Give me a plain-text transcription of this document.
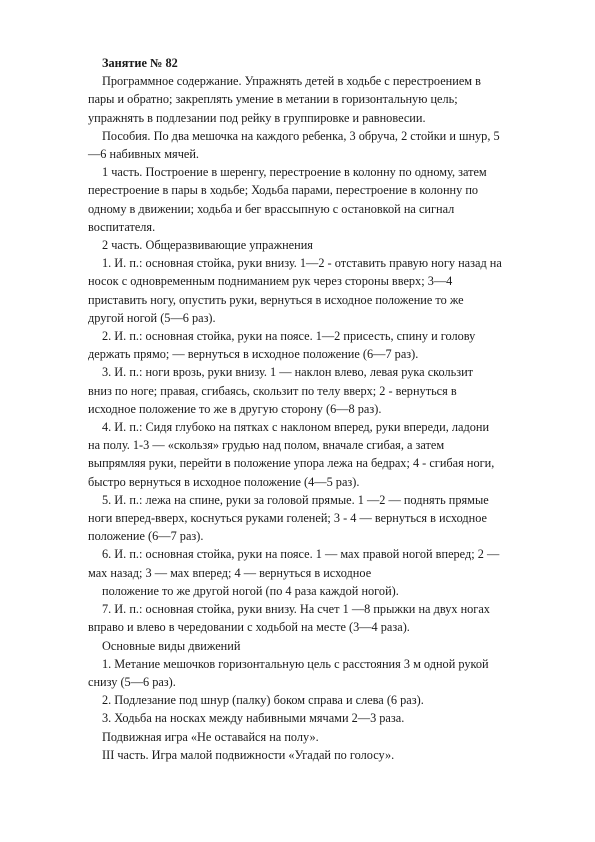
Занятие № 82

Программное содержание. Упражнять детей в ходьбе с перестроением в

пары и обратно; закреплять умение в метании в горизонтальную цель;

упражнять в подлезании под рейку в группировке и равновесии.

Пособия. По два мешочка на каждого ребенка, 3 обруча, 2 стойки и шнур, 5

—6 набивных мячей.

1 часть. Построение в шеренгу, перестроение в колонну по одному, затем

перестроение в пары в ходьбе; Ходьба парами, перестроение в колонну по

одному в движении; ходьба и бег врассыпную с остановкой на сигнал

воспитателя.

2 часть. Общеразвивающие упражнения

1. И. п.: основная стойка, руки внизу. 1—2 - отставить правую ногу назад на

носок с одновременным подниманием рук через стороны вверх; 3—4

приставить ногу, опустить руки, вернуться в исходное положение то же

другой ногой (5—6 раз).

2. И. п.: основная стойка, руки на поясе. 1—2 присесть, спину и голову

держать прямо; — вернуться в исходное положение (6—7 раз).

3. И. п.: ноги врозь, руки внизу. 1 — наклон влево, левая рука скользит

вниз по ноге; правая, сгибаясь, скользит по телу вверх; 2 - вернуться в

исходное положение то же в другую сторону (6—8 раз).

4. И. п.: Сидя глубоко на пятках с наклоном вперед, руки впереди, ладони

на полу. 1-3 — «скользя» грудью над полом, вначале сгибая, а затем

выпрямляя руки, перейти в положение упора лежа на бедрах; 4 - сгибая ноги,

быстро вернуться в исходное положение (4—5 раз).

5. И. п.: лежа на спине, руки за головой прямые. 1 —2 — поднять прямые

ноги вперед-вверх, коснуться руками голеней; 3 - 4 — вернуться в исходное

положение (6—7 раз).

6. И. п.: основная стойка, руки на поясе. 1 — мах правой ногой вперед; 2 —

мах назад; 3 — мах вперед; 4 — вернуться в исходное

положение то же другой ногой (по 4 раза каждой ногой).

7. И. п.: основная стойка, руки внизу. На счет 1 —8 прыжки на двух ногах

вправо и влево в чередовании с ходьбой на месте (3—4 раза).

Основные виды движений

1. Метание мешочков горизонтальную цель с расстояния 3 м одной рукой

снизу (5—6 раз).

2. Подлезание под шнур (палку) боком справа и слева (6 раз).

3. Ходьба на носках между набивными мячами 2—3 раза.

Подвижная игра «Не оставайся на полу».

III часть. Игра малой подвижности «Угадай по голосу».
